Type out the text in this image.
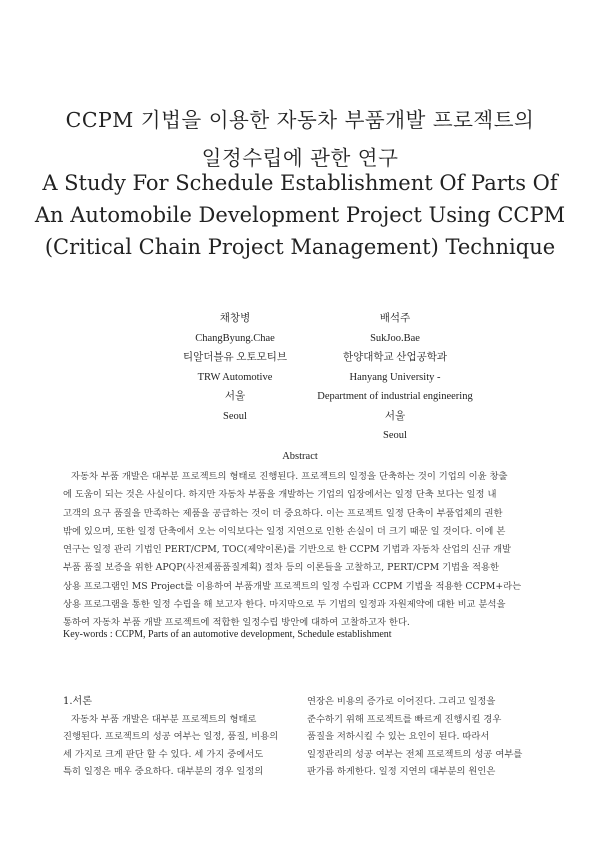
CCPM 기법을 이용한 자동차 부품개발 프로젝트의
일정수립에 관한 연구
A Study For Schedule Establishment Of Parts Of
An Automobile Development Project Using CCPM
(Critical Chain Project Management) Technique
채창병
ChangByung.Chae
티알더블유 오토모티브
TRW Automotive
서울
Seoul
배석주
SukJoo.Bae
한양대학교 산업공학과
Hanyang University -
Department of industrial engineering
서울
Seoul
Abstract
자동차 부품 개발은 대부분 프로젝트의 형태로 진행된다. 프로젝트의 일정을 단축하는 것이 기업의 이윤 창출
에 도움이 되는 것은 사실이다. 하지만 자동차 부품을 개발하는 기업의 입장에서는 일정 단축 보다는 일정 내
고객의 요구 품질을 만족하는 제품을 공급하는 것이 더 중요하다. 이는 프로젝트 일정 단축이 부품업체의 권한
밖에 있으며, 또한 일정 단축에서 오는 이익보다는 일정 지연으로 인한 손실이 더 크기 때문 일 것이다. 이에 본
연구는 일정 관리 기법인 PERT/CPM, TOC(제약이론)를 기반으로 한 CCPM 기법과 자동차 산업의 신규 개발
부품 품질 보증을 위한 APQP(사전제품품질계획) 절차 등의 이론들을 고찰하고, PERT/CPM 기법을 적용한
상용 프로그램인 MS Project를 이용하여 부품개발 프로젝트의 일정 수립과 CCPM 기법을 적용한 CCPM+라는
상용 프로그램을 통한 일정 수립을 해 보고자 한다. 마지막으로 두 기법의 일정과 자원제약에 대한 비교 분석을
통하여 자동차 부품 개발 프로젝트에 적합한 일정수립 방안에 대하여 고찰하고자 한다.
Key-words : CCPM, Parts of an automotive development, Schedule establishment
1.서론
자동차 부품 개발은 대부분 프로젝트의 형태로
진행된다. 프로젝트의 성공 여부는 일정, 품질, 비용의
세 가지로 크게 판단 할 수 있다. 세 가지 중에서도
특히 일정은 매우 중요하다. 대부분의 경우 일정의
연장은 비용의 증가로 이어진다. 그리고 일정을
준수하기 위해 프로젝트를 빠르게 진행시킬 경우
품질을 저하시킬 수 있는 요인이 된다. 따라서
일정관리의 성공 여부는 전체 프로젝트의 성공 여부를
판가름 하게한다. 일정 지연의 대부분의 원인은
